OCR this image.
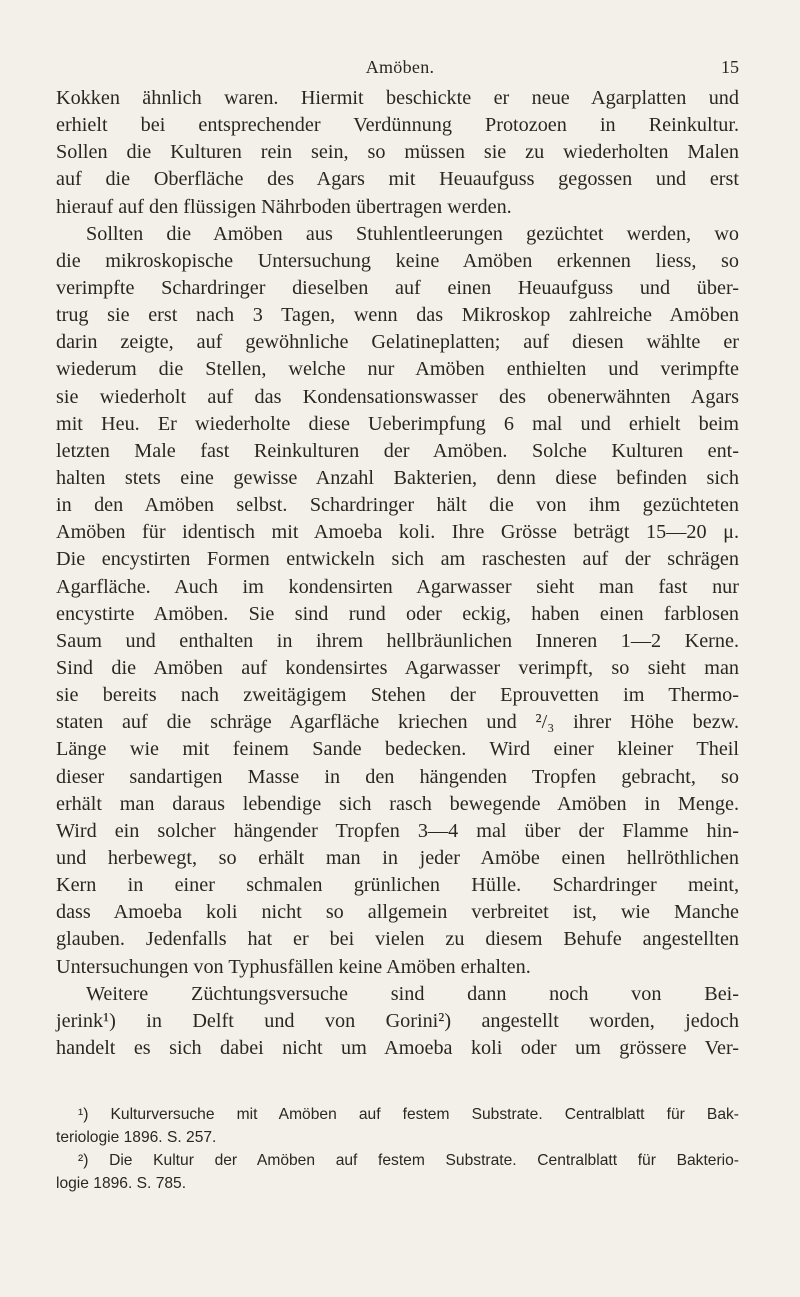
Amöben.	15
Kokken ähnlich waren. Hiermit beschickte er neue Agarplatten und
erhielt bei entsprechender Verdünnung Protozoen in Reinkultur.
Sollen die Kulturen rein sein, so müssen sie zu wiederholten Malen
auf die Oberfläche des Agars mit Heuaufguss gegossen und erst
hierauf auf den flüssigen Nährboden übertragen werden.
Sollten die Amöben aus Stuhlentleerungen gezüchtet werden, wo
die mikroskopische Untersuchung keine Amöben erkennen liess, so
verimpfte Schardringer dieselben auf einen Heuaufguss und über-
trug sie erst nach 3 Tagen, wenn das Mikroskop zahlreiche Amöben
darin zeigte, auf gewöhnliche Gelatineplatten; auf diesen wählte er
wiederum die Stellen, welche nur Amöben enthielten und verimpfte
sie wiederholt auf das Kondensationswasser des obenerwähnten Agars
mit Heu. Er wiederholte diese Ueberimpfung 6 mal und erhielt beim
letzten Male fast Reinkulturen der Amöben. Solche Kulturen ent-
halten stets eine gewisse Anzahl Bakterien, denn diese befinden sich
in den Amöben selbst. Schardringer hält die von ihm gezüchteten
Amöben für identisch mit Amoeba koli. Ihre Grösse beträgt 15—20 μ.
Die encystirten Formen entwickeln sich am raschesten auf der schrägen
Agarfläche. Auch im kondensirten Agarwasser sieht man fast nur
encystirte Amöben. Sie sind rund oder eckig, haben einen farblosen
Saum und enthalten in ihrem hellbräunlichen Inneren 1—2 Kerne.
Sind die Amöben auf kondensirtes Agarwasser verimpft, so sieht man
sie bereits nach zweitägigem Stehen der Eprouvetten im Thermo-
staten auf die schräge Agarfläche kriechen und ²/₃ ihrer Höhe bezw.
Länge wie mit feinem Sande bedecken. Wird einer kleiner Theil
dieser sandartigen Masse in den hängenden Tropfen gebracht, so
erhält man daraus lebendige sich rasch bewegende Amöben in Menge.
Wird ein solcher hängender Tropfen 3—4 mal über der Flamme hin-
und herbewegt, so erhält man in jeder Amöbe einen hellröthlichen
Kern in einer schmalen grünlichen Hülle. Schardringer meint,
dass Amoeba koli nicht so allgemein verbreitet ist, wie Manche
glauben. Jedenfalls hat er bei vielen zu diesem Behufe angestellten
Untersuchungen von Typhusfällen keine Amöben erhalten.
Weitere Züchtungsversuche sind dann noch von Bei-
jerink¹) in Delft und von Gorini²) angestellt worden, jedoch
handelt es sich dabei nicht um Amoeba koli oder um grössere Ver-
¹) Kulturversuche mit Amöben auf festem Substrate. Centralblatt für Bak-
teriologie 1896. S. 257.
²) Die Kultur der Amöben auf festem Substrate. Centralblatt für Bakterio-
logie 1896. S. 785.
